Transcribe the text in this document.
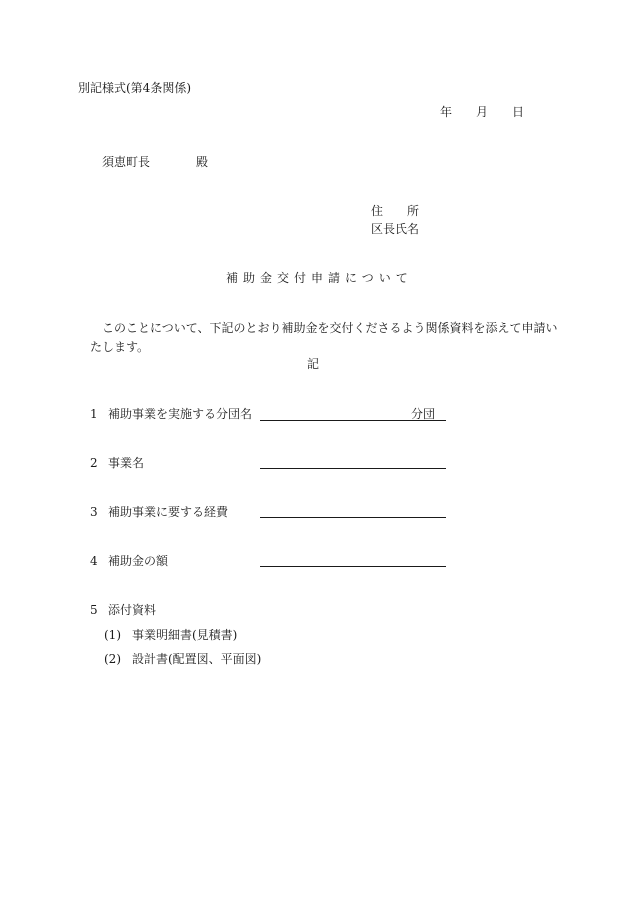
別記様式(第4条関係)
年 月 日
須恵町長	殿
住　　所
区長氏名
補助金交付申請について
このことについて、下記のとおり補助金を交付くださるよう関係資料を添えて申請い
たします。
記
1 補助事業を実施する分団名	分団
2 事業名
3 補助事業に要する経費
4 補助金の額
5 添付資料
(1) 事業明細書(見積書)
(2) 設計書(配置図、平面図)
